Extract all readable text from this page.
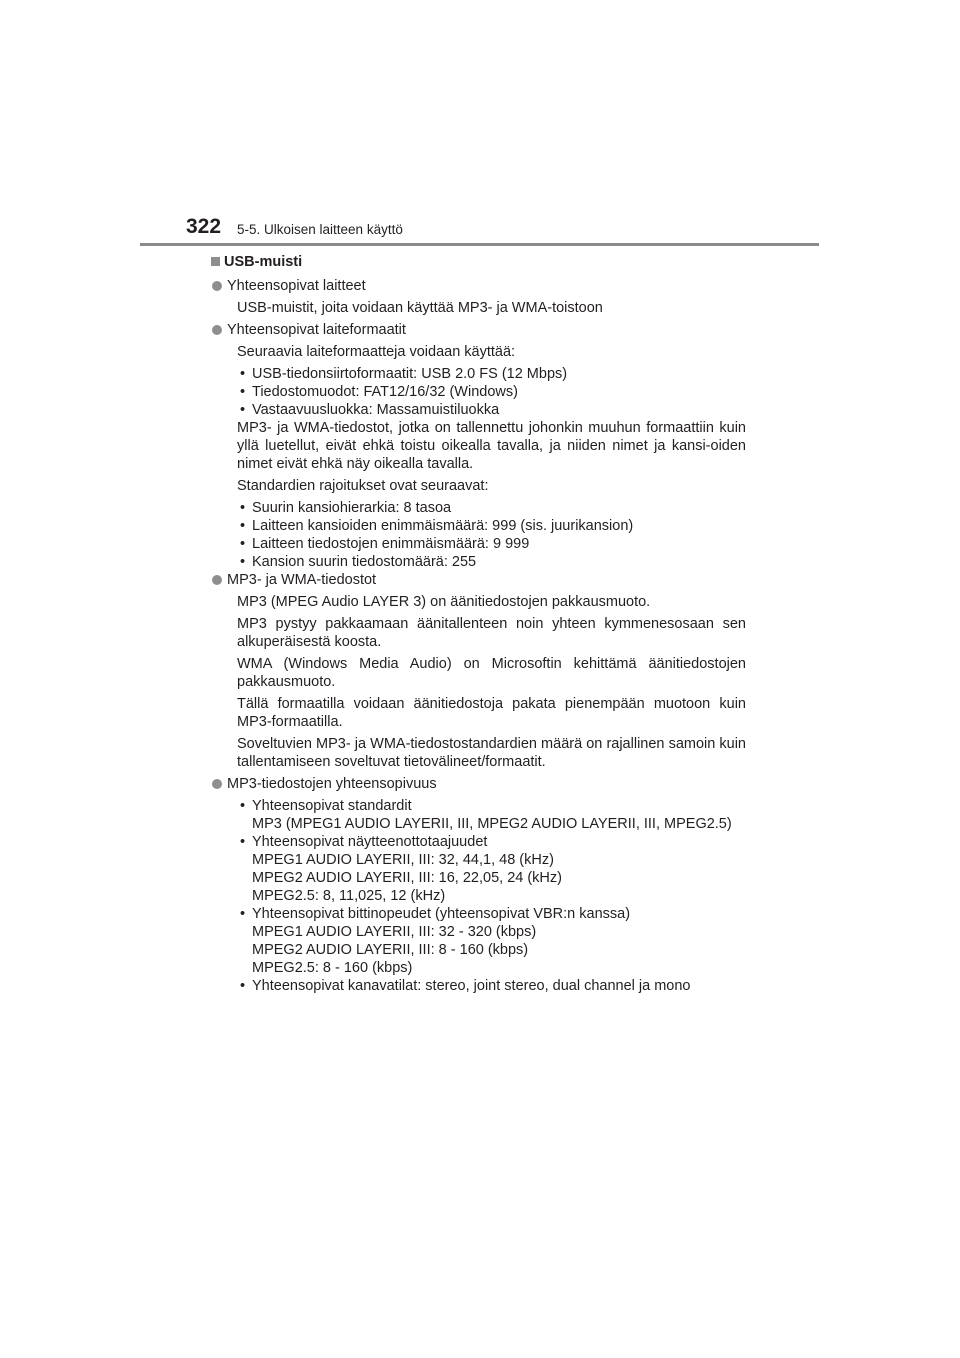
322 5-5. Ulkoisen laitteen käyttö
USB-muisti
Yhteensopivat laitteet
USB-muistit, joita voidaan käyttää MP3- ja WMA-toistoon
Yhteensopivat laiteformaatit
Seuraavia laiteformaatteja voidaan käyttää:
• USB-tiedonsiirtoformaatit: USB 2.0 FS (12 Mbps)
• Tiedostomuodot: FAT12/16/32 (Windows)
• Vastaavuusluokka: Massamuistiluokka
MP3- ja WMA-tiedostot, jotka on tallennettu johonkin muuhun formaattiin kuin yllä luetellut, eivät ehkä toistu oikealla tavalla, ja niiden nimet ja kansi-oiden nimet eivät ehkä näy oikealla tavalla.
Standardien rajoitukset ovat seuraavat:
• Suurin kansiohierarkia: 8 tasoa
• Laitteen kansioiden enimmäismäärä: 999 (sis. juurikansion)
• Laitteen tiedostojen enimmäismäärä: 9 999
• Kansion suurin tiedostomäärä: 255
MP3- ja WMA-tiedostot
MP3 (MPEG Audio LAYER 3) on äänitiedostojen pakkausmuoto.
MP3 pystyy pakkaamaan äänitallenteen noin yhteen kymmenesosaan sen alkuperäisestä koosta.
WMA (Windows Media Audio) on Microsoftin kehittämä äänitiedostojen pakkausmuoto.
Tällä formaatilla voidaan äänitiedostoja pakata pienempään muotoon kuin MP3-formaatilla.
Soveltuvien MP3- ja WMA-tiedostostandardien määrä on rajallinen samoin kuin tallentamiseen soveltuvat tietovälineet/formaatit.
MP3-tiedostojen yhteensopivuus
• Yhteensopivat standardit
MP3 (MPEG1 AUDIO LAYERII, III, MPEG2 AUDIO LAYERII, III, MPEG2.5)
• Yhteensopivat näytteenottotaajuudet
MPEG1 AUDIO LAYERII, III: 32, 44,1, 48 (kHz)
MPEG2 AUDIO LAYERII, III: 16, 22,05, 24 (kHz)
MPEG2.5: 8, 11,025, 12 (kHz)
• Yhteensopivat bittinopeudet (yhteensopivat VBR:n kanssa)
MPEG1 AUDIO LAYERII, III: 32 - 320 (kbps)
MPEG2 AUDIO LAYERII, III: 8 - 160 (kbps)
MPEG2.5: 8 - 160 (kbps)
• Yhteensopivat kanavatilat: stereo, joint stereo, dual channel ja mono
